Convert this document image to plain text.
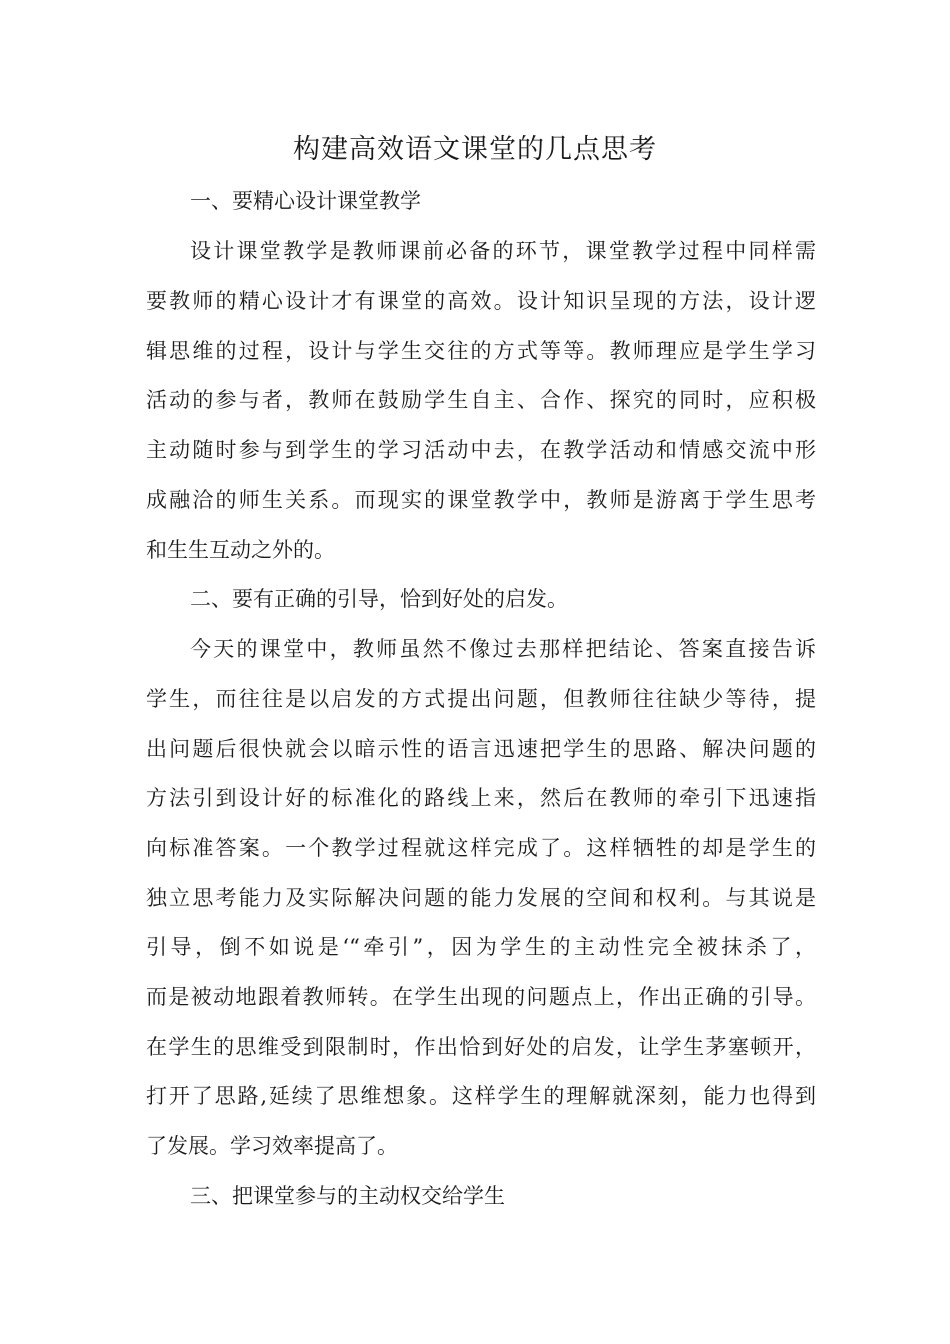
构建高效语文课堂的几点思考
一、要精心设计课堂教学

设计课堂教学是教师课前必备的环节，课堂教学过程中同样需

要教师的精心设计才有课堂的高效。设计知识呈现的方法，设计逻

辑思维的过程，设计与学生交往的方式等等。教师理应是学生学习

活动的参与者，教师在鼓励学生自主、合作、探究的同时，应积极

主动随时参与到学生的学习活动中去，在教学活动和情感交流中形

成融洽的师生关系。而现实的课堂教学中，教师是游离于学生思考

和生生互动之外的。

二、要有正确的引导，恰到好处的启发。

今天的课堂中，教师虽然不像过去那样把结论、答案直接告诉

学生，而往往是以启发的方式提出问题，但教师往往缺少等待，提

出问题后很快就会以暗示性的语言迅速把学生的思路、解决问题的

方法引到设计好的标准化的路线上来，然后在教师的牵引下迅速指

向标准答案。一个教学过程就这样完成了。这样牺牲的却是学生的

独立思考能力及实际解决问题的能力发展的空间和权利。与其说是

引导，倒不如说是‘“牵引”，因为学生的主动性完全被抹杀了，

而是被动地跟着教师转。在学生出现的问题点上，作出正确的引导。

在学生的思维受到限制时，作出恰到好处的启发，让学生茅塞顿开，

打开了思路,延续了思维想象。这样学生的理解就深刻，能力也得到

了发展。学习效率提高了。

三、把课堂参与的主动权交给学生
